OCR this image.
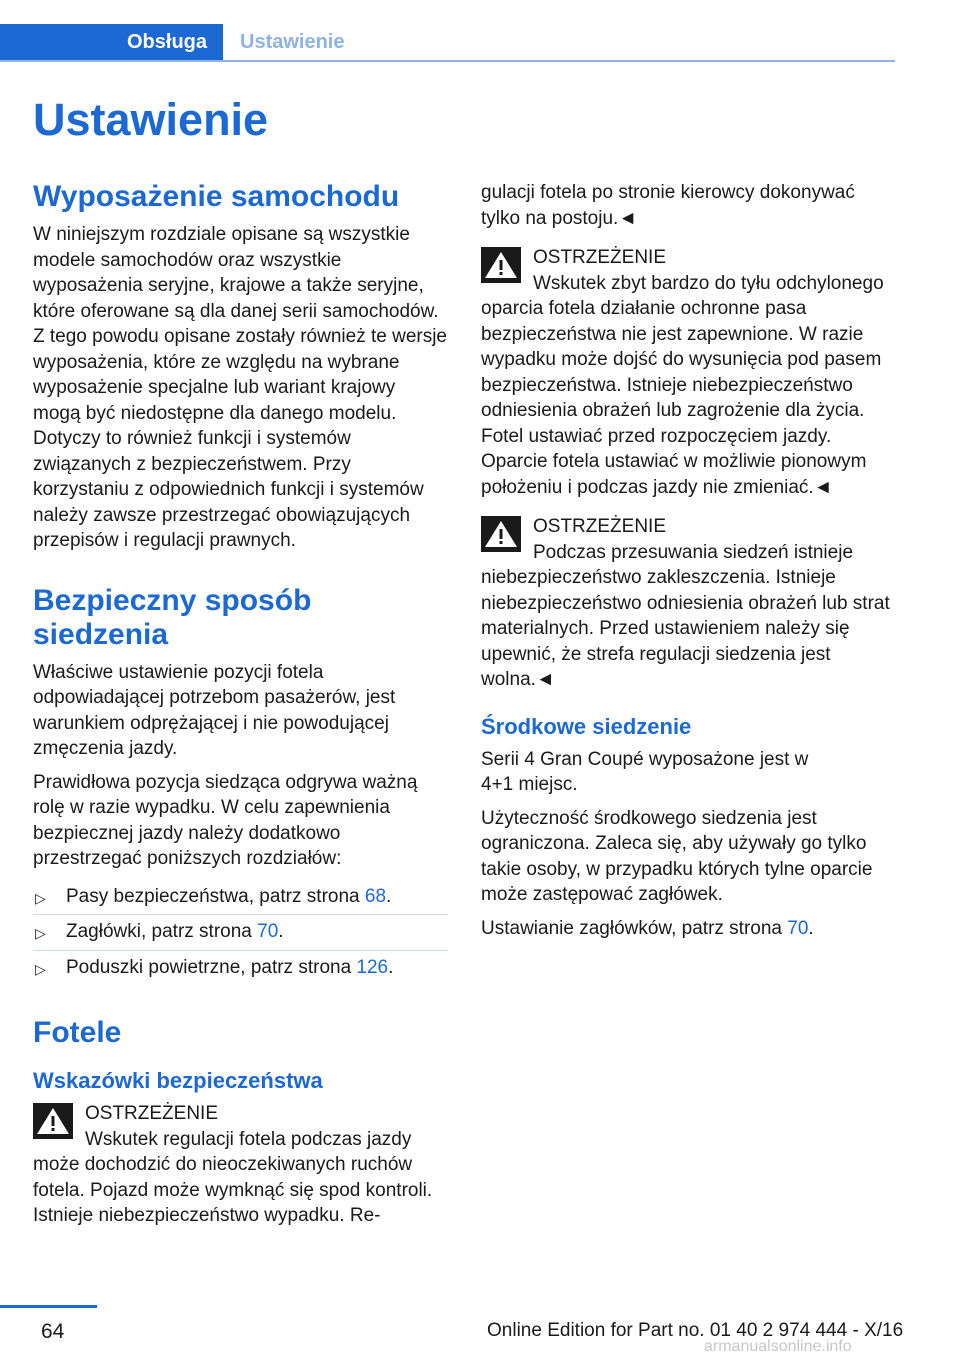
Obsługa	Ustawienie
Ustawienie
Wyposażenie samochodu

W niniejszym rozdziale opisane są wszystkie modele samochodów oraz wszystkie wyposażenia seryjne, krajowe a także seryjne, które oferowane są dla danej serii samochodów. Z tego powodu opisane zostały również te wersje wyposażenia, które ze względu na wybrane wyposażenie specjalne lub wariant krajowy mogą być niedostępne dla danego modelu. Dotyczy to również funkcji i systemów związanych z bezpieczeństwem. Przy korzystaniu z odpowiednich funkcji i systemów należy zawsze przestrzegać obowiązujących przepisów i regulacji prawnych.

Bezpieczny sposób siedzenia

Właściwe ustawienie pozycji fotela odpowiadającej potrzebom pasażerów, jest warunkiem odprężającej i nie powodującej zmęczenia jazdy.

Prawidłowa pozycja siedząca odgrywa ważną rolę w razie wypadku. W celu zapewnienia bezpiecznej jazdy należy dodatkowo przestrzegać poniższych rozdziałów:

▷ Pasy bezpieczeństwa, patrz strona 68.
▷ Zagłówki, patrz strona 70.
▷ Poduszki powietrzne, patrz strona 126.
Fotele
Wskazówki bezpieczeństwa
OSTRZEŻENIE
Wskutek regulacji fotela podczas jazdy może dochodzić do nieoczekiwanych ruchów fotela. Pojazd może wymknąć się spod kontroli. Istnieje niebezpieczeństwo wypadku. Re-

gulacji fotela po stronie kierowcy dokonywać tylko na postoju.◄

OSTRZEŻENIE
Wskutek zbyt bardzo do tyłu odchylonego oparcia fotela działanie ochronne pasa bezpieczeństwa nie jest zapewnione. W razie wypadku może dojść do wysunięcia pod pasem bezpieczeństwa. Istnieje niebezpieczeństwo odniesienia obrażeń lub zagrożenie dla życia. Fotel ustawiać przed rozpoczęciem jazdy. Oparcie fotela ustawiać w możliwie pionowym położeniu i podczas jazdy nie zmieniać.◄
OSTRZEŻENIE
Podczas przesuwania siedzeń istnieje niebezpieczeństwo zakleszczenia. Istnieje niebezpieczeństwo odniesienia obrażeń lub strat materialnych. Przed ustawieniem należy się upewnić, że strefa regulacji siedzenia jest wolna.◄
Środkowe siedzenie

Serii 4 Gran Coupé wyposażone jest w 4+1 miejsc.

Użyteczność środkowego siedzenia jest ograniczona. Zaleca się, aby używały go tylko takie osoby, w przypadku których tylne oparcie może zastępować zagłówek.

Ustawianie zagłówków, patrz strona 70.

64	Online Edition for Part no. 01 40 2 974 444 - X/16
armanualsonline.info
